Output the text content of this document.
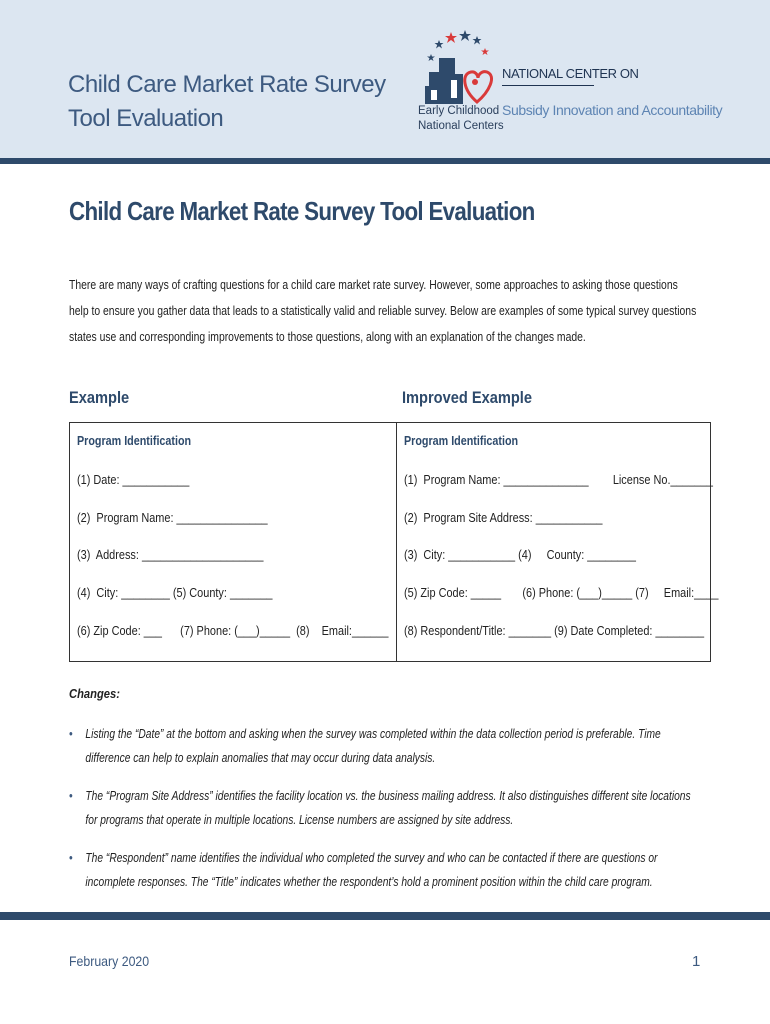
Child Care Market Rate Survey Tool Evaluation	Early Childhood
National Centers
NATIONAL CENTER ON
Subsidy Innovation and Accountability
Child Care Market Rate Survey Tool Evaluation
There are many ways of crafting questions for a child care market rate survey. However, some approaches to asking those questions help to ensure you gather data that leads to a statistically valid and reliable survey. Below are examples of some typical survey questions states use and corresponding improvements to those questions, along with an explanation of the changes made.
Example	Improved Example
Program Identification	Program Identification
(1) Date: ___________
(2)  Program Name: _______________
(3)  Address: ____________________
(4)  City: ________ (5) County: _______
(6) Zip Code: ___      (7) Phone: (___)_____  (8)    Email:______
(1)  Program Name: ______________        License No._______
(2)  Program Site Address: ___________
(3)  City: ___________ (4)     County: ________
(5) Zip Code: _____       (6) Phone: (___)_____ (7)     Email:____
(8) Respondent/Title: _______ (9) Date Completed: ________
Changes:
• Listing the “Date” at the bottom and asking when the survey was completed within the data collection period is preferable. Time difference can help to explain anomalies that may occur during data analysis.
• The “Program Site Address” identifies the facility location vs. the business mailing address. It also distinguishes different site locations for programs that operate in multiple locations. License numbers are assigned by site address.
• The “Respondent” name identifies the individual who completed the survey and who can be contacted if there are questions or incomplete responses. The “Title” indicates whether the respondent’s hold a prominent position within the child care program.
February 2020	1
